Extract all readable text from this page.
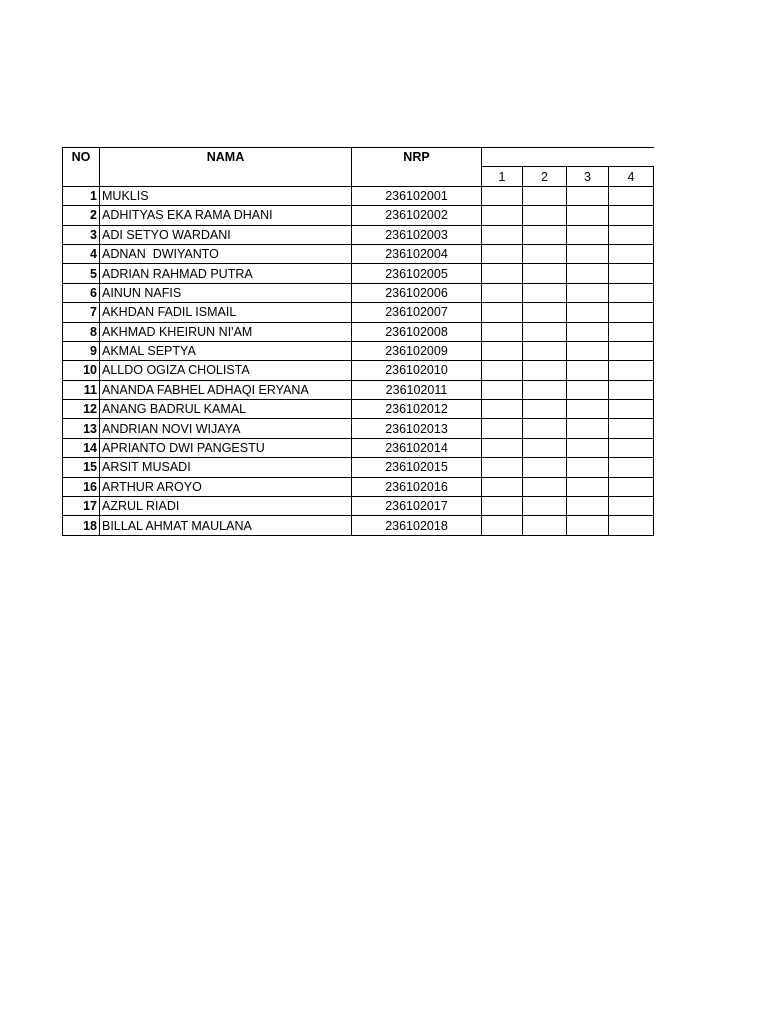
NO	NAMA	NRP				
			1	2	3	4
1	MUKLIS	236102001				
2	ADHITYAS EKA RAMA DHANI	236102002				
3	ADI SETYO WARDANI	236102003				
4	ADNAN  DWIYANTO	236102004				
5	ADRIAN RAHMAD PUTRA	236102005				
6	AINUN NAFIS	236102006				
7	AKHDAN FADIL ISMAIL	236102007				
8	AKHMAD KHEIRUN NI'AM	236102008				
9	AKMAL SEPTYA	236102009				
10	ALLDO OGIZA CHOLISTA	236102010				
11	ANANDA FABHEL ADHAQI ERYANA	236102011				
12	ANANG BADRUL KAMAL	236102012				
13	ANDRIAN NOVI WIJAYA	236102013				
14	APRIANTO DWI PANGESTU	236102014				
15	ARSIT MUSADI	236102015				
16	ARTHUR AROYO	236102016				
17	AZRUL RIADI	236102017				
18	BILLAL AHMAT MAULANA	236102018				
